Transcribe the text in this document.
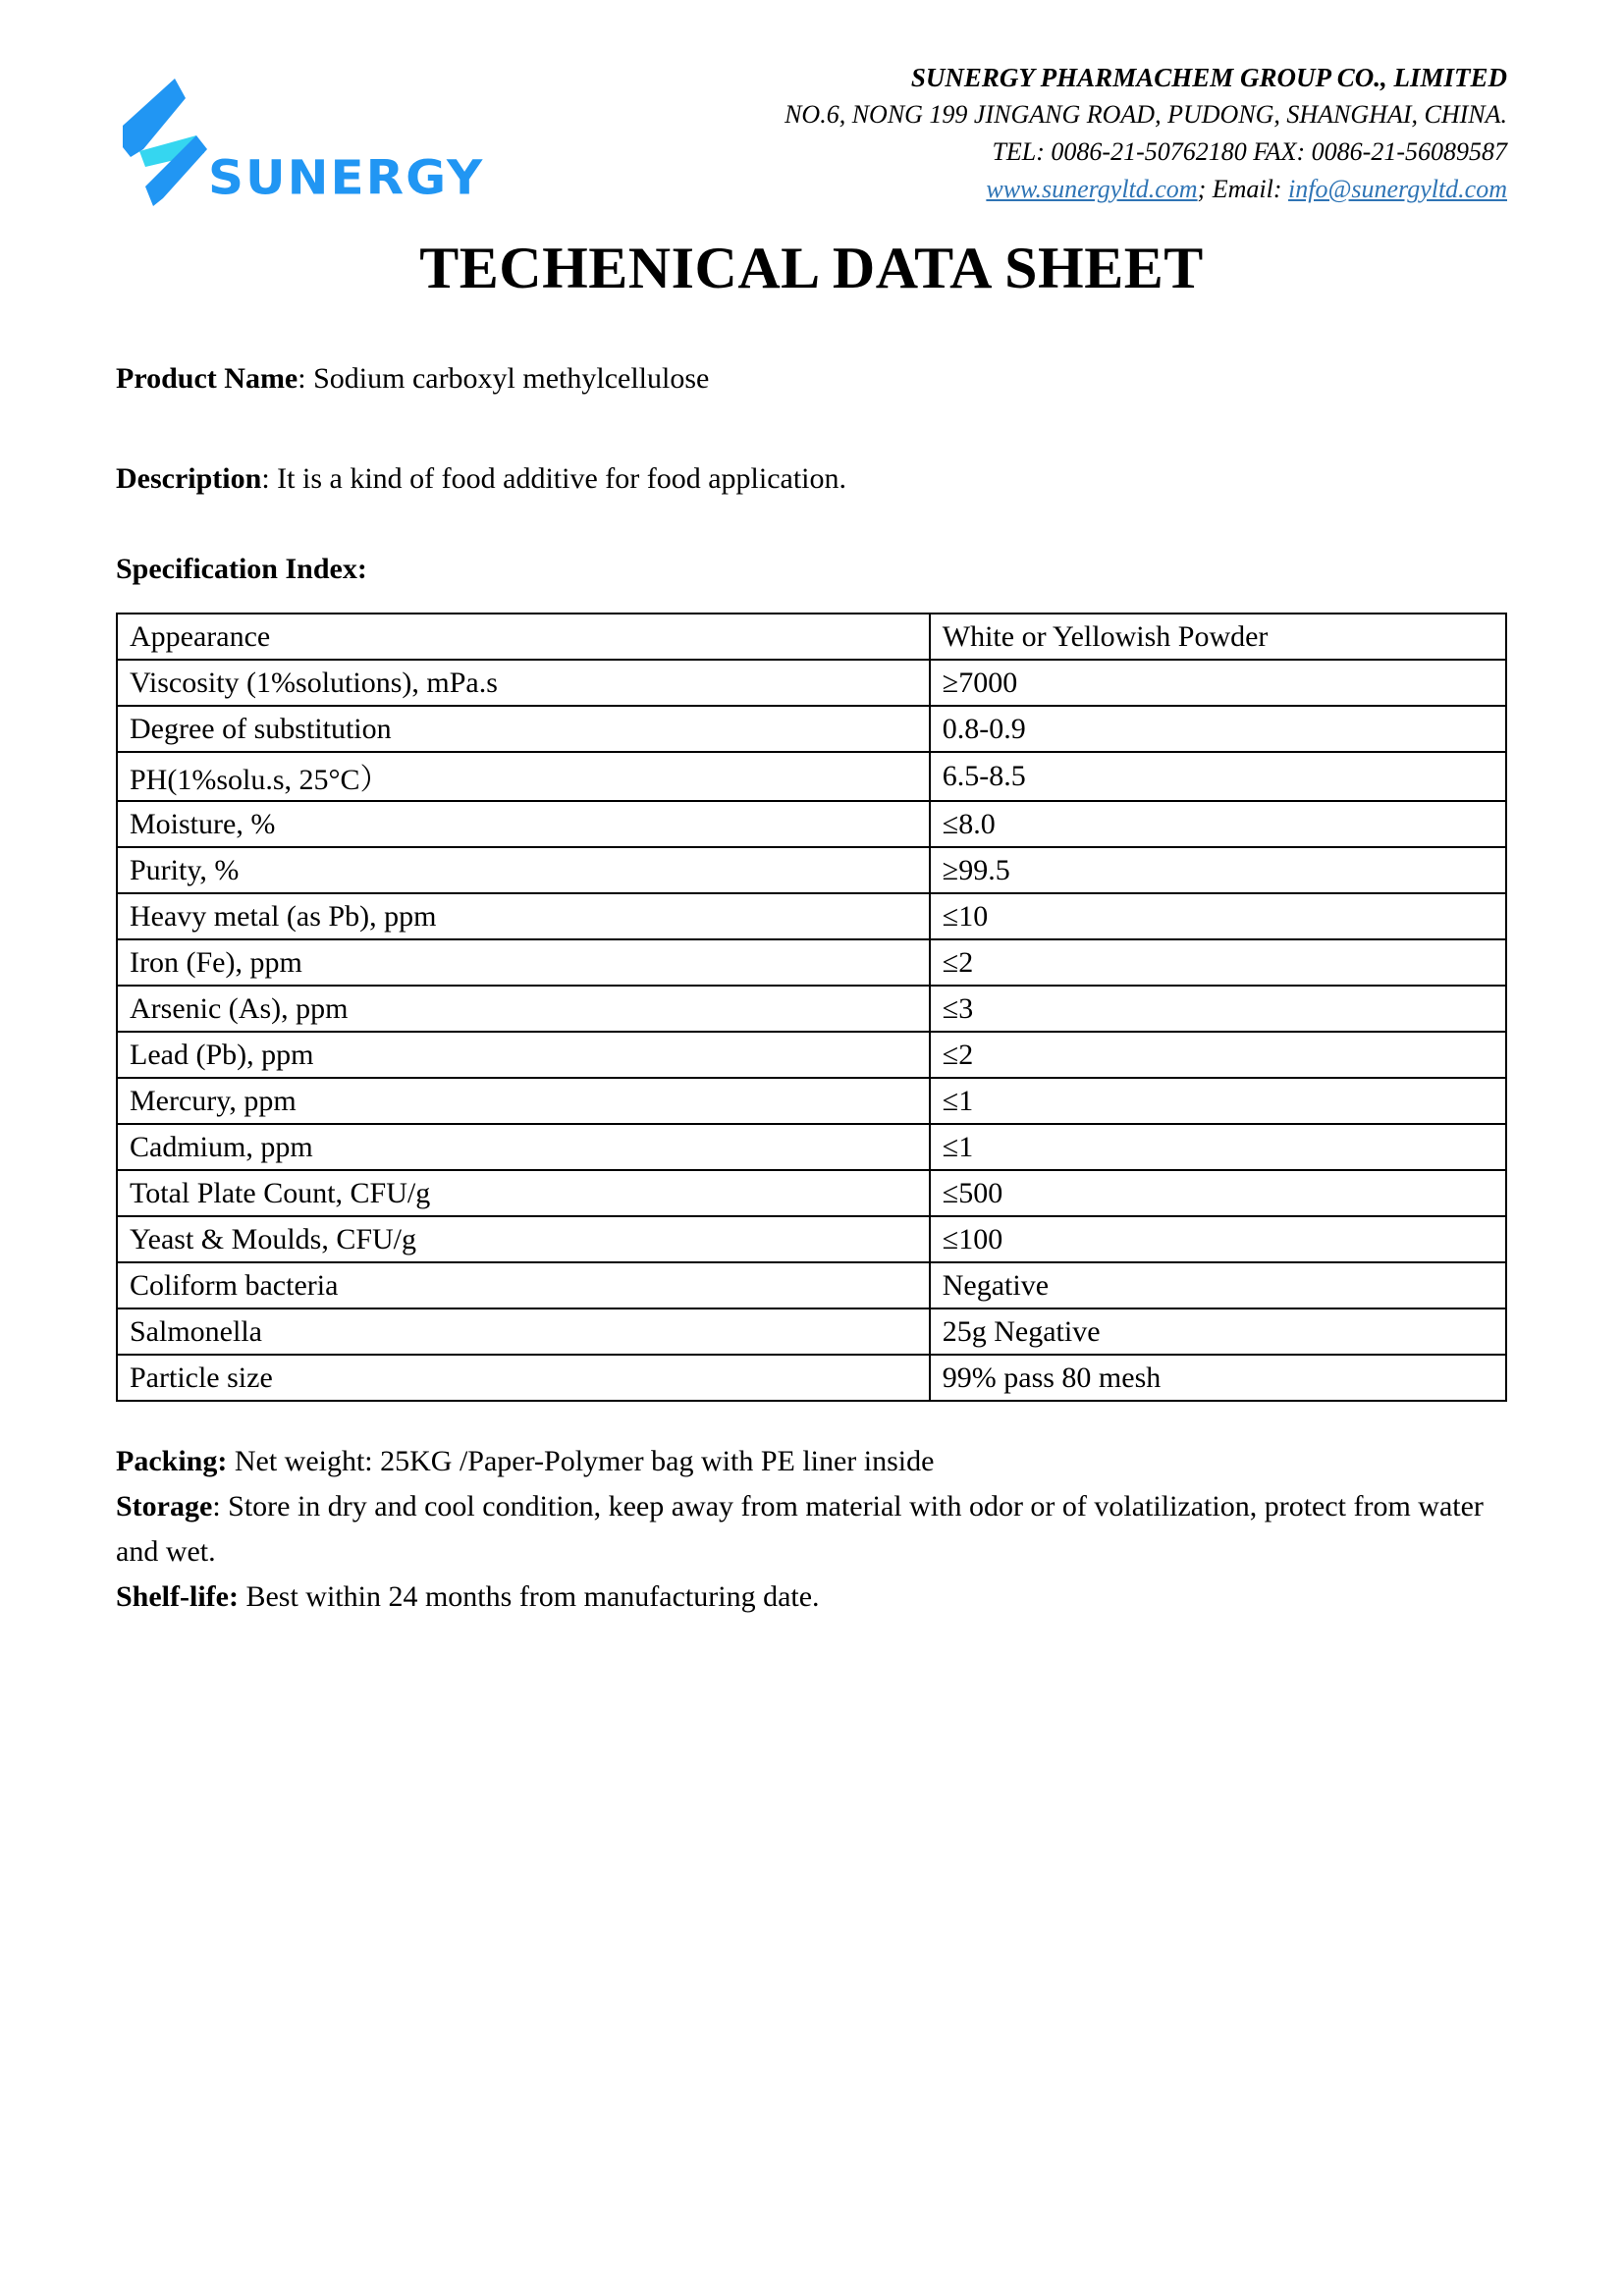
SUNERGY
SUNERGY PHARMACHEM GROUP CO., LIMITED
NO.6, NONG 199 JINGANG ROAD, PUDONG, SHANGHAI, CHINA.
TEL: 0086-21-50762180 FAX: 0086-21-56089587
www.sunergyltd.com; Email: info@sunergyltd.com
TECHENICAL DATA SHEET

Product Name: Sodium carboxyl methylcellulose

Description: It is a kind of food additive for food application.

Specification Index:

Appearance	White or Yellowish Powder
Viscosity (1%solutions), mPa.s	≥7000
Degree of substitution	0.8-0.9
PH(1%solu.s, 25°C）	6.5-8.5
Moisture, %	≤8.0
Purity, %	≥99.5
Heavy metal (as Pb), ppm	≤10
Iron (Fe), ppm	≤2
Arsenic (As), ppm	≤3
Lead (Pb), ppm	≤2
Mercury, ppm	≤1
Cadmium, ppm	≤1
Total Plate Count, CFU/g	≤500
Yeast & Moulds, CFU/g	≤100
Coliform bacteria	Negative
Salmonella	25g Negative
Particle size	99% pass 80 mesh

Packing: Net weight: 25KG /Paper-Polymer bag with PE liner inside

Storage: Store in dry and cool condition, keep away from material with odor or of volatilization, protect from water and wet.

Shelf-life: Best within 24 months from manufacturing date.
